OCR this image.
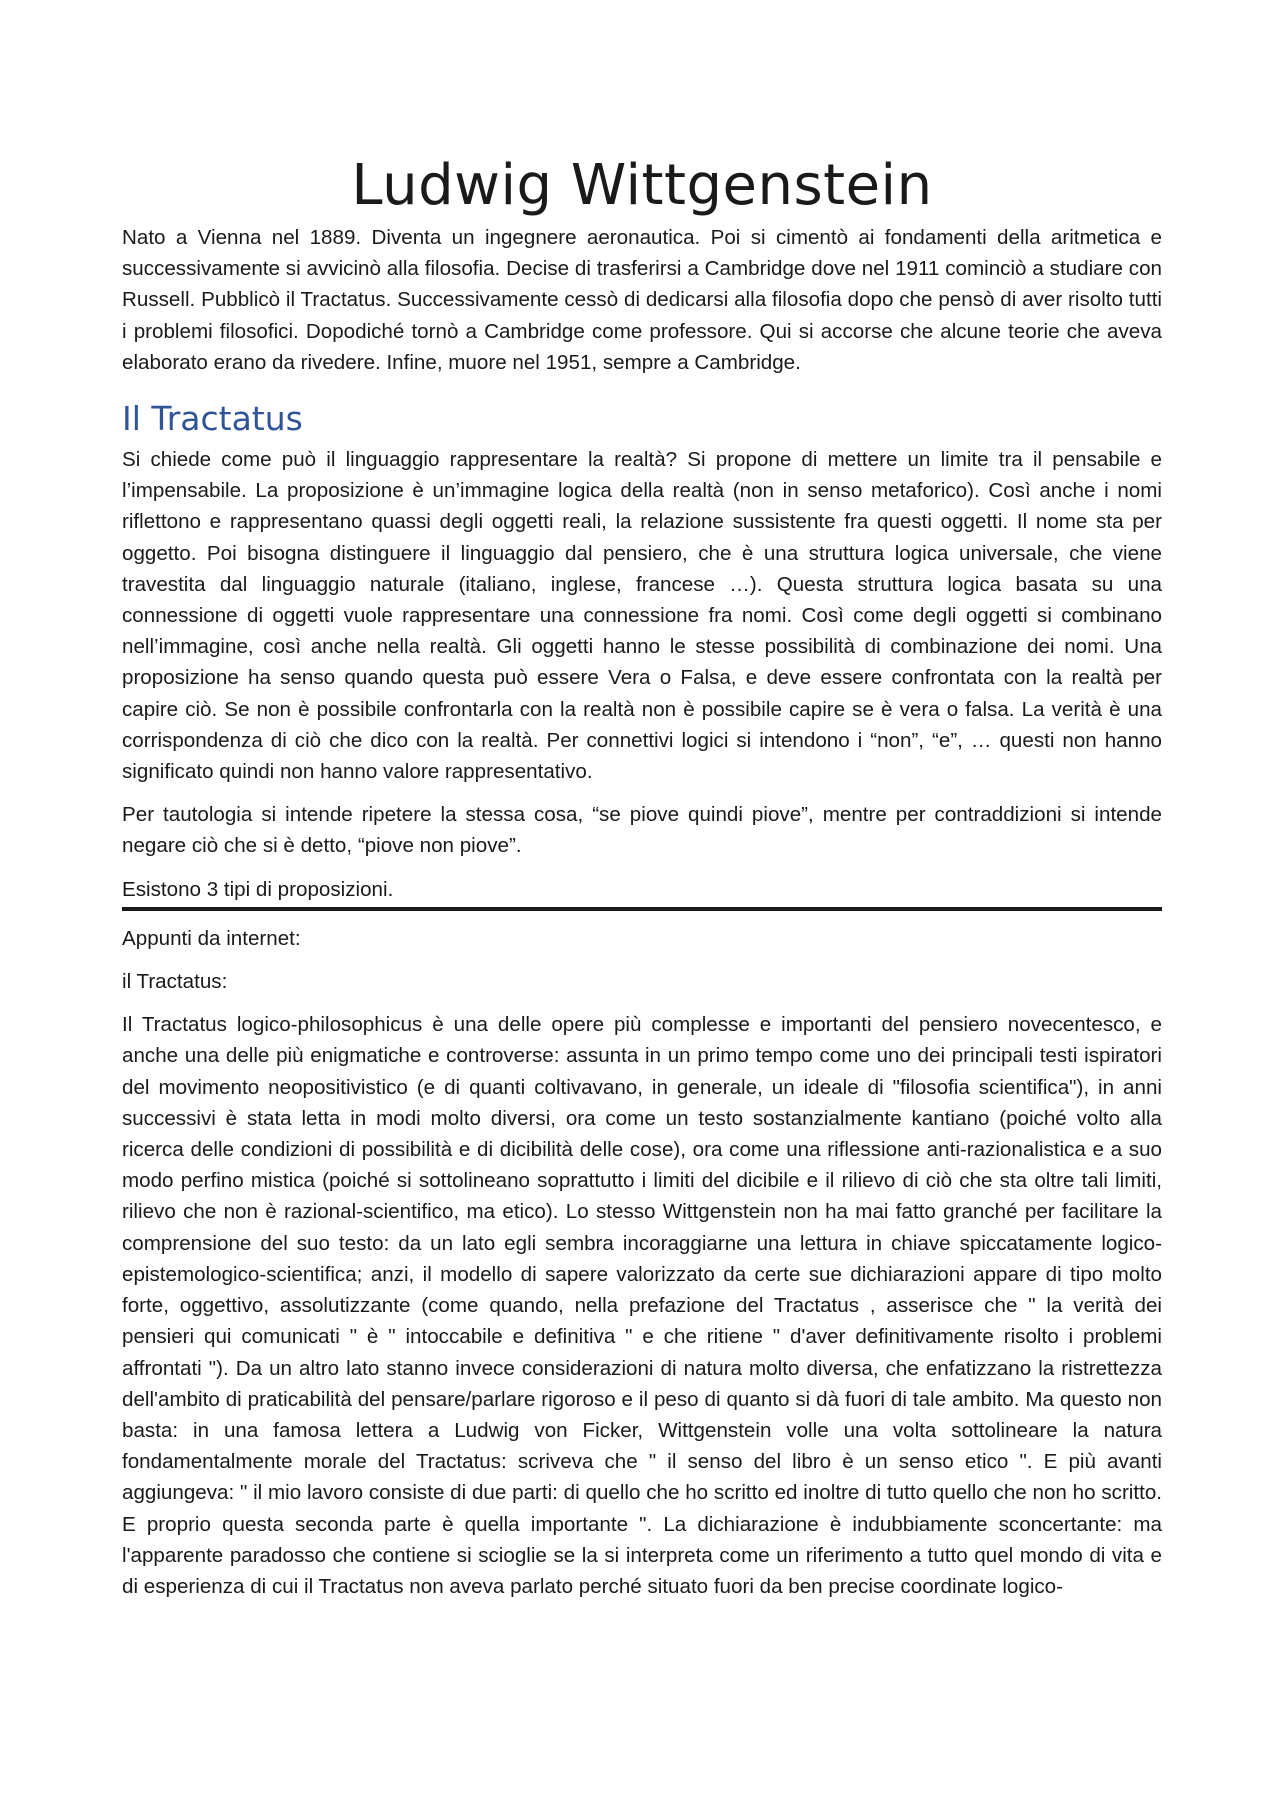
Ludwig Wittgenstein

Nato a Vienna nel 1889. Diventa un ingegnere aeronautica. Poi si cimentò ai fondamenti della aritmetica e successivamente si avvicinò alla filosofia. Decise di trasferirsi a Cambridge dove nel 1911 cominciò a studiare con Russell. Pubblicò il Tractatus. Successivamente cessò di dedicarsi alla filosofia dopo che pensò di aver risolto tutti i problemi filosofici. Dopodiché tornò a Cambridge come professore. Qui si accorse che alcune teorie che aveva elaborato erano da rivedere. Infine, muore nel 1951, sempre a Cambridge.

Il Tractatus

Si chiede come può il linguaggio rappresentare la realtà? Si propone di mettere un limite tra il pensabile e l’impensabile. La proposizione è un’immagine logica della realtà (non in senso metaforico). Così anche i nomi riflettono e rappresentano quassi degli oggetti reali, la relazione sussistente fra questi oggetti. Il nome sta per oggetto. Poi bisogna distinguere il linguaggio dal pensiero, che è una struttura logica universale, che viene travestita dal linguaggio naturale (italiano, inglese, francese …). Questa struttura logica basata su una connessione di oggetti vuole rappresentare una connessione fra nomi. Così come degli oggetti si combinano nell’immagine, così anche nella realtà. Gli oggetti hanno le stesse possibilità di combinazione dei nomi. Una proposizione ha senso quando questa può essere Vera o Falsa, e deve essere confrontata con la realtà per capire ciò. Se non è possibile confrontarla con la realtà non è possibile capire se è vera o falsa. La verità è una corrispondenza di ciò che dico con la realtà. Per connettivi logici si intendono i “non”, “e”, … questi non hanno significato quindi non hanno valore rappresentativo.

Per tautologia si intende ripetere la stessa cosa, “se piove quindi piove”, mentre per contraddizioni si intende negare ciò che si è detto, “piove non piove”.

Esistono 3 tipi di proposizioni.

Appunti da internet:

il Tractatus:

Il Tractatus logico-philosophicus è una delle opere più complesse e importanti del pensiero novecentesco, e anche una delle più enigmatiche e controverse: assunta in un primo tempo come uno dei principali testi ispiratori del movimento neopositivistico (e di quanti coltivavano, in generale, un ideale di "filosofia scientifica"), in anni successivi è stata letta in modi molto diversi, ora come un testo sostanzialmente kantiano (poiché volto alla ricerca delle condizioni di possibilità e di dicibilità delle cose), ora come una riflessione anti-razionalistica e a suo modo perfino mistica (poiché si sottolineano soprattutto i limiti del dicibile e il rilievo di ciò che sta oltre tali limiti, rilievo che non è razional-scientifico, ma etico). Lo stesso Wittgenstein non ha mai fatto granché per facilitare la comprensione del suo testo: da un lato egli sembra incoraggiarne una lettura in chiave spiccatamente logico-epistemologico-scientifica; anzi, il modello di sapere valorizzato da certe sue dichiarazioni appare di tipo molto forte, oggettivo, assolutizzante (come quando, nella prefazione del Tractatus , asserisce che " la verità dei pensieri qui comunicati " è " intoccabile e definitiva " e che ritiene " d'aver definitivamente risolto i problemi affrontati "). Da un altro lato stanno invece considerazioni di natura molto diversa, che enfatizzano la ristrettezza dell'ambito di praticabilità del pensare/parlare rigoroso e il peso di quanto si dà fuori di tale ambito. Ma questo non basta: in una famosa lettera a Ludwig von Ficker, Wittgenstein volle una volta sottolineare la natura fondamentalmente morale del Tractatus: scriveva che " il senso del libro è un senso etico ". E più avanti aggiungeva: " il mio lavoro consiste di due parti: di quello che ho scritto ed inoltre di tutto quello che non ho scritto. E proprio questa seconda parte è quella importante ". La dichiarazione è indubbiamente sconcertante: ma l'apparente paradosso che contiene si scioglie se la si interpreta come un riferimento a tutto quel mondo di vita e di esperienza di cui il Tractatus non aveva parlato perché situato fuori da ben precise coordinate logico-
